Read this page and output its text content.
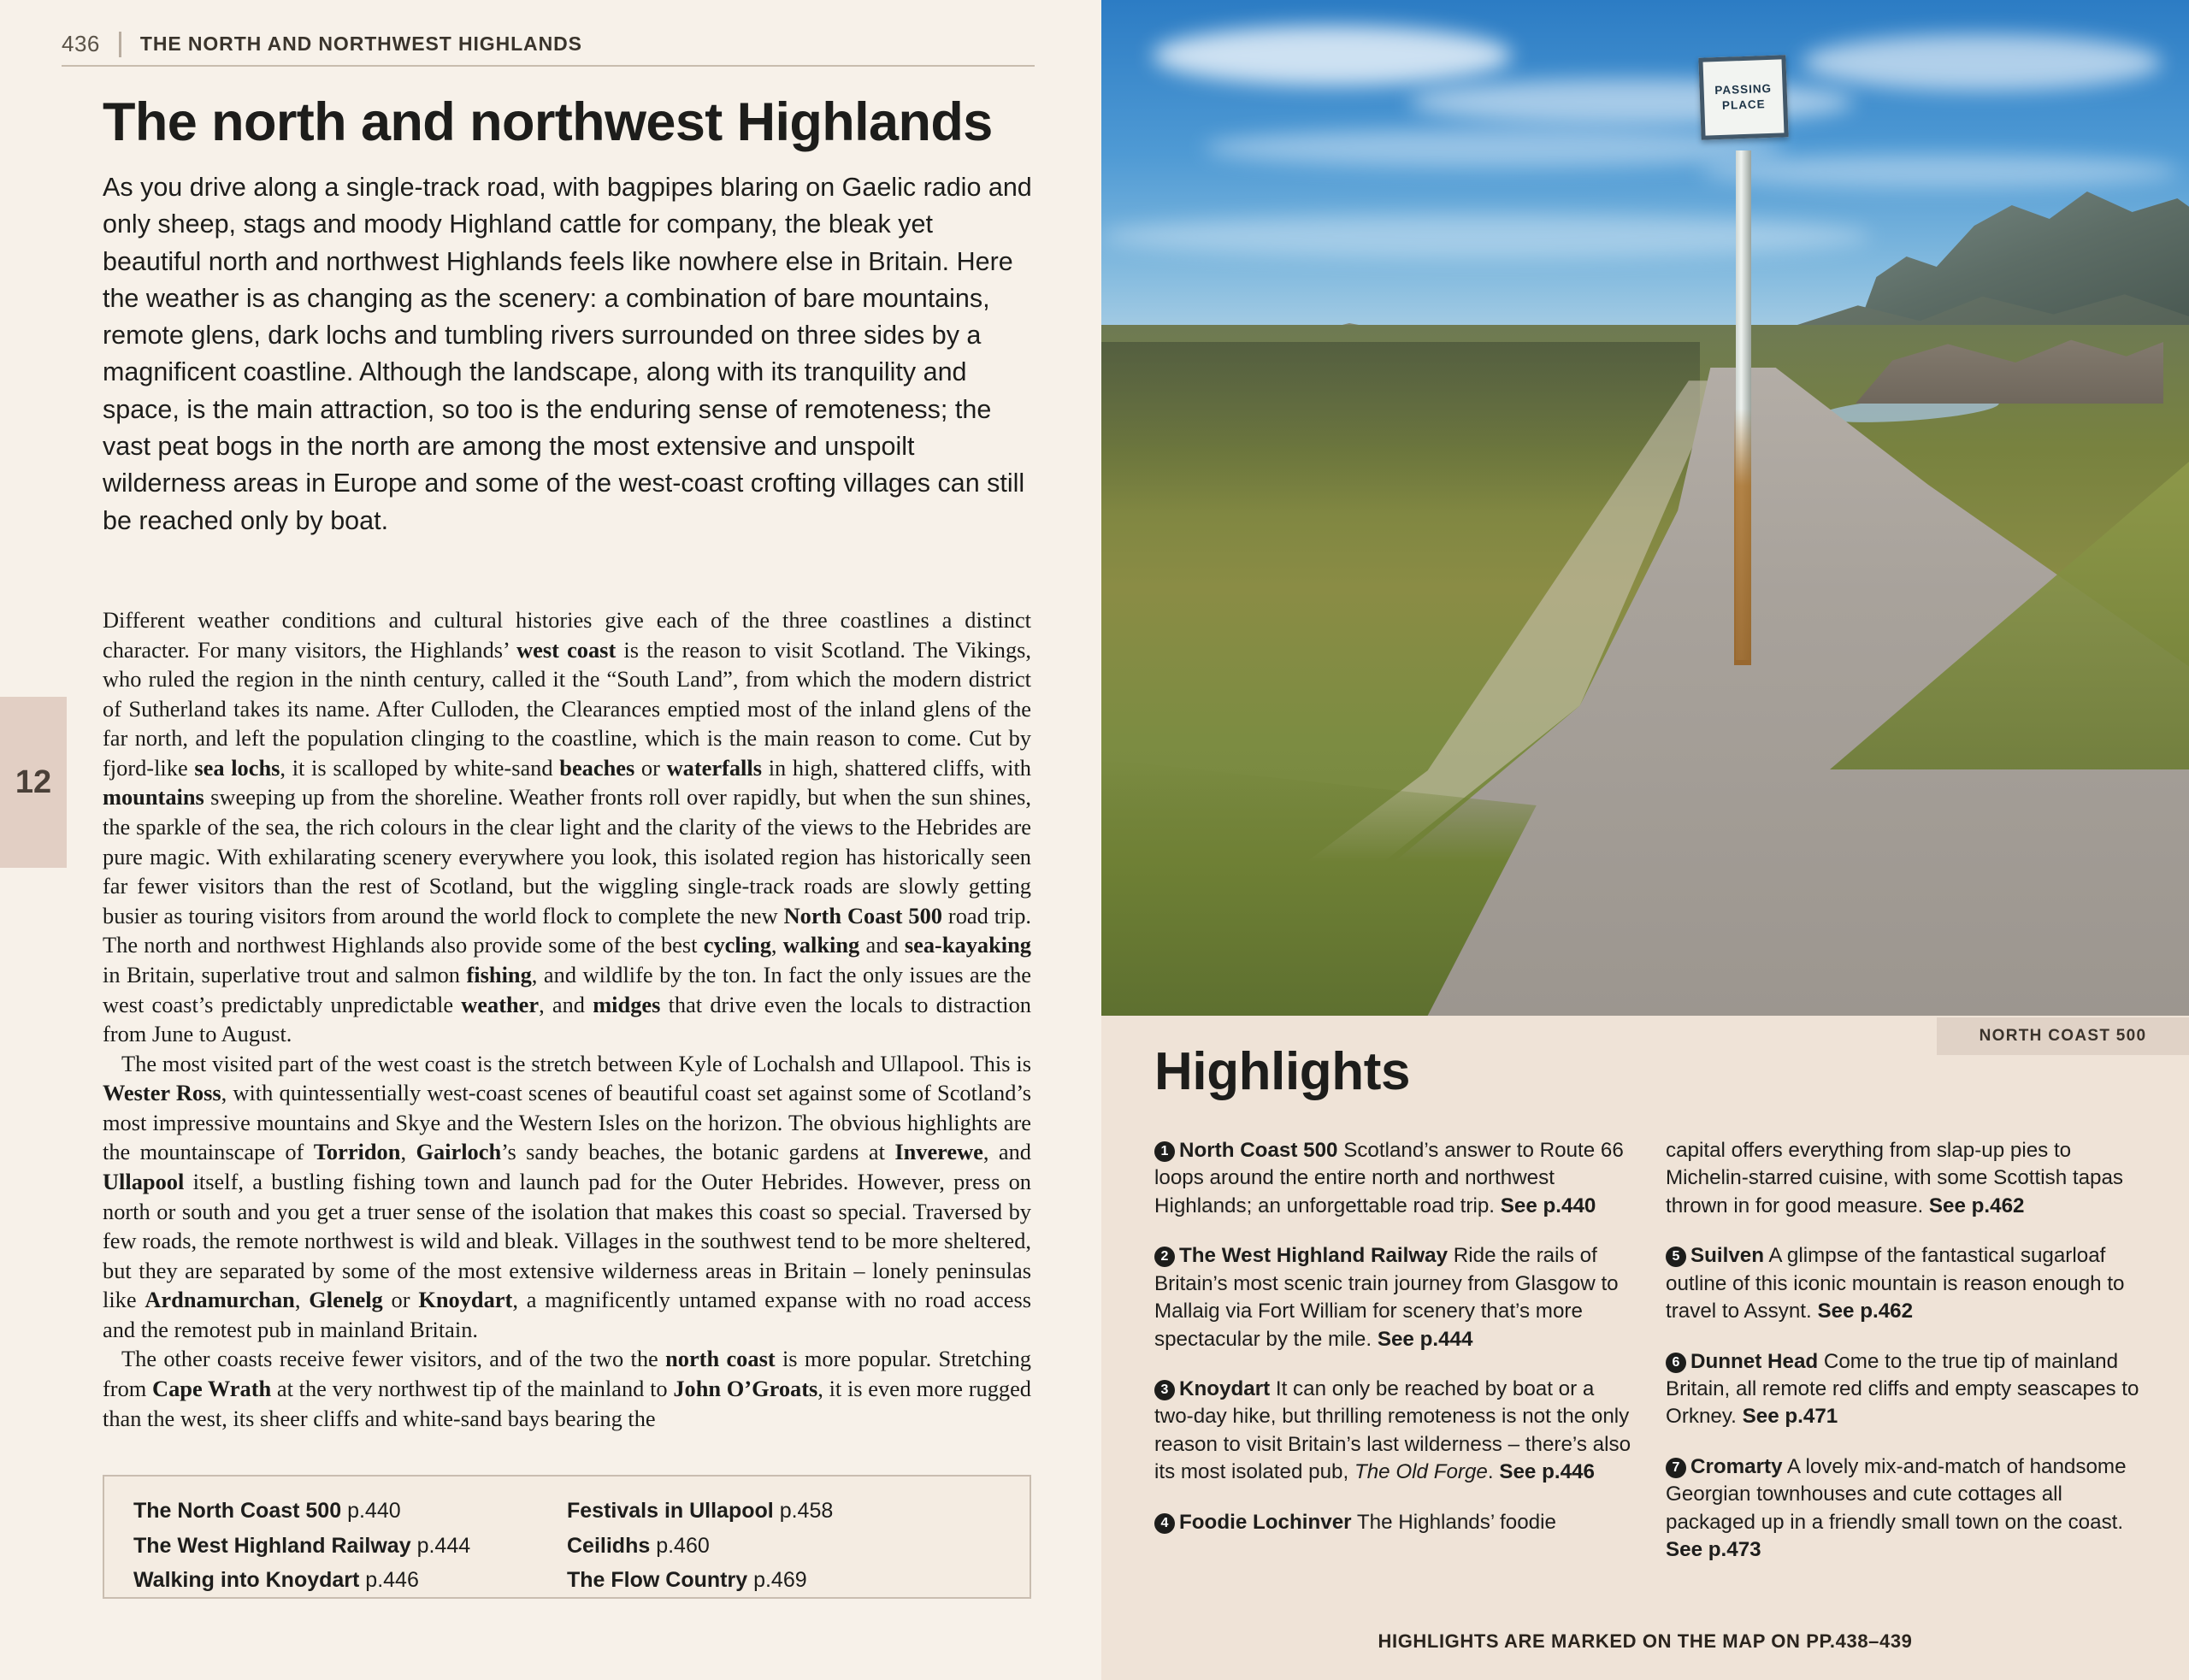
436 THE NORTH AND NORTHWEST HIGHLANDS
12
The north and northwest Highlands
As you drive along a single-track road, with bagpipes blaring on Gaelic radio and only sheep, stags and moody Highland cattle for company, the bleak yet beautiful north and northwest Highlands feels like nowhere else in Britain. Here the weather is as changing as the scenery: a combination of bare mountains, remote glens, dark lochs and tumbling rivers surrounded on three sides by a magnificent coastline. Although the landscape, along with its tranquility and space, is the main attraction, so too is the enduring sense of remoteness; the vast peat bogs in the north are among the most extensive and unspoilt wilderness areas in Europe and some of the west-coast crofting villages can still be reached only by boat.

Different weather conditions and cultural histories give each of the three coastlines a distinct character. For many visitors, the Highlands’ west coast is the reason to visit Scotland. The Vikings, who ruled the region in the ninth century, called it the “South Land”, from which the modern district of Sutherland takes its name. After Culloden, the Clearances emptied most of the inland glens of the far north, and left the population clinging to the coastline, which is the main reason to come. Cut by fjord-like sea lochs, it is scalloped by white-sand beaches or waterfalls in high, shattered cliffs, with mountains sweeping up from the shoreline. Weather fronts roll over rapidly, but when the sun shines, the sparkle of the sea, the rich colours in the clear light and the clarity of the views to the Hebrides are pure magic. With exhilarating scenery everywhere you look, this isolated region has historically seen far fewer visitors than the rest of Scotland, but the wiggling single-track roads are slowly getting busier as touring visitors from around the world flock to complete the new North Coast 500 road trip. The north and northwest Highlands also provide some of the best cycling, walking and sea-kayaking in Britain, superlative trout and salmon fishing, and wildlife by the ton. In fact the only issues are the west coast’s predictably unpredictable weather, and midges that drive even the locals to distraction from June to August.

The most visited part of the west coast is the stretch between Kyle of Lochalsh and Ullapool. This is Wester Ross, with quintessentially west-coast scenes of beautiful coast set against some of Scotland’s most impressive mountains and Skye and the Western Isles on the horizon. The obvious highlights are the mountainscape of Torridon, Gairloch’s sandy beaches, the botanic gardens at Inverewe, and Ullapool itself, a bustling fishing town and launch pad for the Outer Hebrides. However, press on north or south and you get a truer sense of the isolation that makes this coast so special. Traversed by few roads, the remote northwest is wild and bleak. Villages in the southwest tend to be more sheltered, but they are separated by some of the most extensive wilderness areas in Britain – lonely peninsulas like Ardnamurchan, Glenelg or Knoydart, a magnificently untamed expanse with no road access and the remotest pub in mainland Britain.

The other coasts receive fewer visitors, and of the two the north coast is more popular. Stretching from Cape Wrath at the very northwest tip of the mainland to John O’Groats, it is even more rugged than the west, its sheer cliffs and white-sand bays bearing the

The North Coast 500 p.440
The West Highland Railway p.444
Walking into Knoydart p.446
Festivals in Ullapool p.458
Ceilidhs p.460
The Flow Country p.469
PASSING
PLACE
NORTH COAST 500
Highlights
1 North Coast 500 Scotland’s answer to Route 66 loops around the entire north and northwest Highlands; an unforgettable road trip. See p.440
2 The West Highland Railway Ride the rails of Britain’s most scenic train journey from Glasgow to Mallaig via Fort William for scenery that’s more spectacular by the mile. See p.444
3 Knoydart It can only be reached by boat or a two-day hike, but thrilling remoteness is not the only reason to visit Britain’s last wilderness – there’s also its most isolated pub, The Old Forge. See p.446
4 Foodie Lochinver The Highlands’ foodie
capital offers everything from slap-up pies to Michelin-starred cuisine, with some Scottish tapas thrown in for good measure. See p.462
5 Suilven A glimpse of the fantastical sugarloaf outline of this iconic mountain is reason enough to travel to Assynt. See p.462
6 Dunnet Head Come to the true tip of mainland Britain, all remote red cliffs and empty seascapes to Orkney. See p.471
7 Cromarty A lovely mix-and-match of handsome Georgian townhouses and cute cottages all packaged up in a friendly small town on the coast. See p.473
HIGHLIGHTS ARE MARKED ON THE MAP ON PP.438–439
